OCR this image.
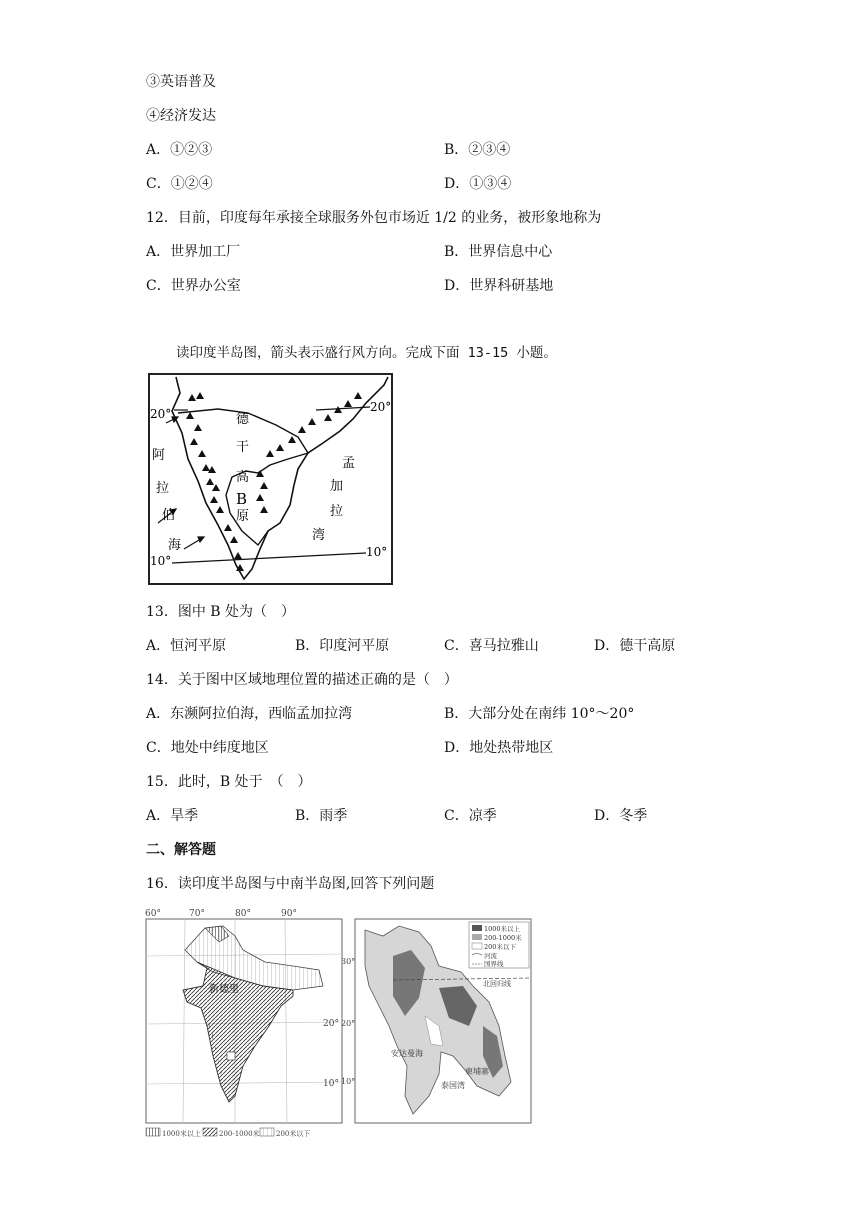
③英语普及
④经济发达
A．①②③	B．②③④
C．①②④	D．①③④
12．目前，印度每年承接全球服务外包市场近 1/2 的业务，被形象地称为
A．世界加工厂	B．世界信息中心
C．世界办公室	D．世界科研基地
读印度半岛图，箭头表示盛行风方向。完成下面 13-15 小题。
20°	20°
10°
10°
德
干
高
原
B
阿
拉
伯
海
孟
加
拉
湾
13．图中 B 处为（　）
A．恒河平原	B．印度河平原	C．喜马拉雅山	D．德干高原
14．关于图中区域地理位置的描述正确的是（　）
A．东濒阿拉伯海，西临孟加拉湾	B．大部分处在南纬 10°～20°
C．地处中纬度地区	D．地处热带地区
15．此时，B 处于　（　）
A．旱季	B．雨季	C．凉季	D．冬季
二、解答题
16．读印度半岛图与中南半岛图,回答下列问题
60°	70°	80°	90°
20°
10°
新德里
1000米以上	200-1000米 200米以下
1000米以上
200-1000米
200米以下
河流
国界线
30°
20°
10°
北回归线
安达曼海
泰国湾
柬埔寨
